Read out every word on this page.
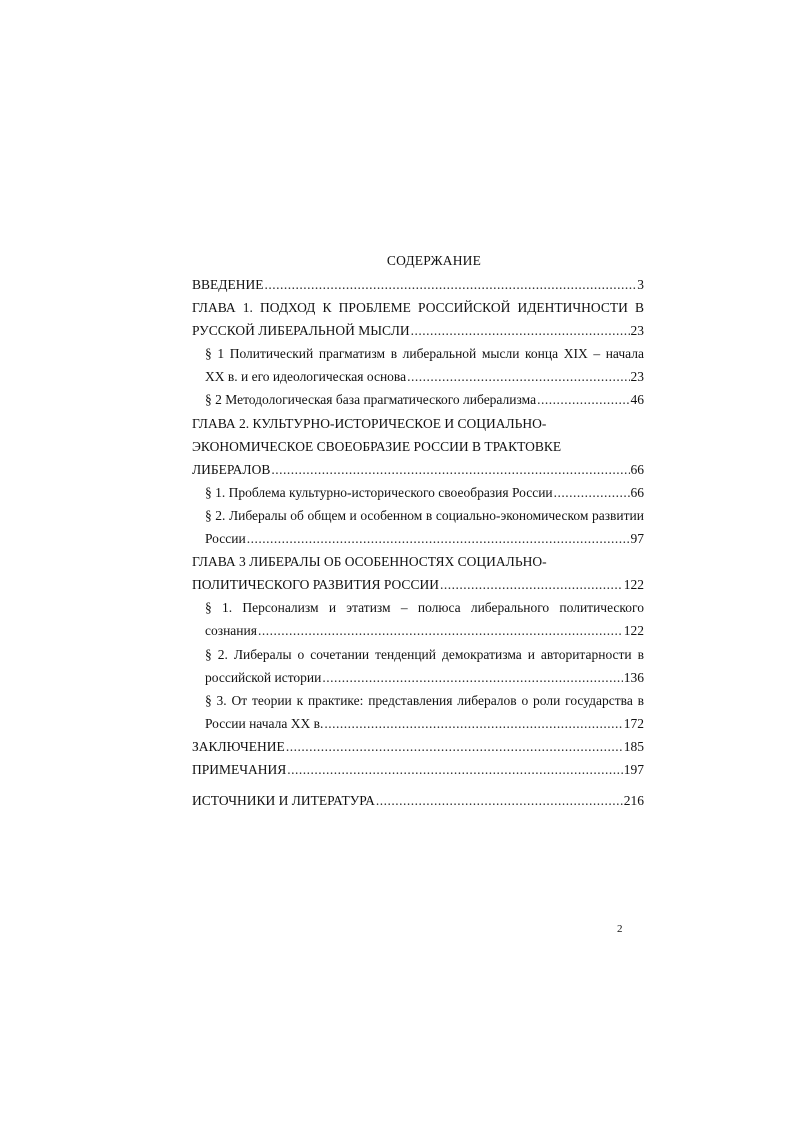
СОДЕРЖАНИЕ
ВВЕДЕНИЕ .....	3
ГЛАВА 1. ПОДХОД К ПРОБЛЕМЕ РОССИЙСКОЙ ИДЕНТИЧНОСТИ В
РУССКОЙ ЛИБЕРАЛЬНОЙ МЫСЛИ .....	23
§ 1 Политический прагматизм в либеральной мысли конца XIX – начала
XX в. и его идеологическая основа .....	23
§ 2 Методологическая база прагматического либерализма .....	46
ГЛАВА 2. КУЛЬТУРНО-ИСТОРИЧЕСКОЕ И СОЦИАЛЬНО-
ЭКОНОМИЧЕСКОЕ СВОЕОБРАЗИЕ РОССИИ В ТРАКТОВКЕ
ЛИБЕРАЛОВ .....	66
§ 1. Проблема культурно-исторического своеобразия России .....	66
§ 2. Либералы об общем и особенном в социально-экономическом развитии
России .....	97
ГЛАВА 3 ЛИБЕРАЛЫ ОБ ОСОБЕННОСТЯХ СОЦИАЛЬНО-
ПОЛИТИЧЕСКОГО РАЗВИТИЯ РОССИИ .....	122
§ 1. Персонализм и этатизм – полюса либерального политического
сознания .....	122
§ 2. Либералы о сочетании тенденций демократизма и авторитарности в
российской истории .....	136
§ 3. От теории к практике: представления либералов о роли государства в
России начала XX в. .....	172
ЗАКЛЮЧЕНИЕ .....	185
ПРИМЕЧАНИЯ .....	197
ИСТОЧНИКИ И ЛИТЕРАТУРА .....	216
2
